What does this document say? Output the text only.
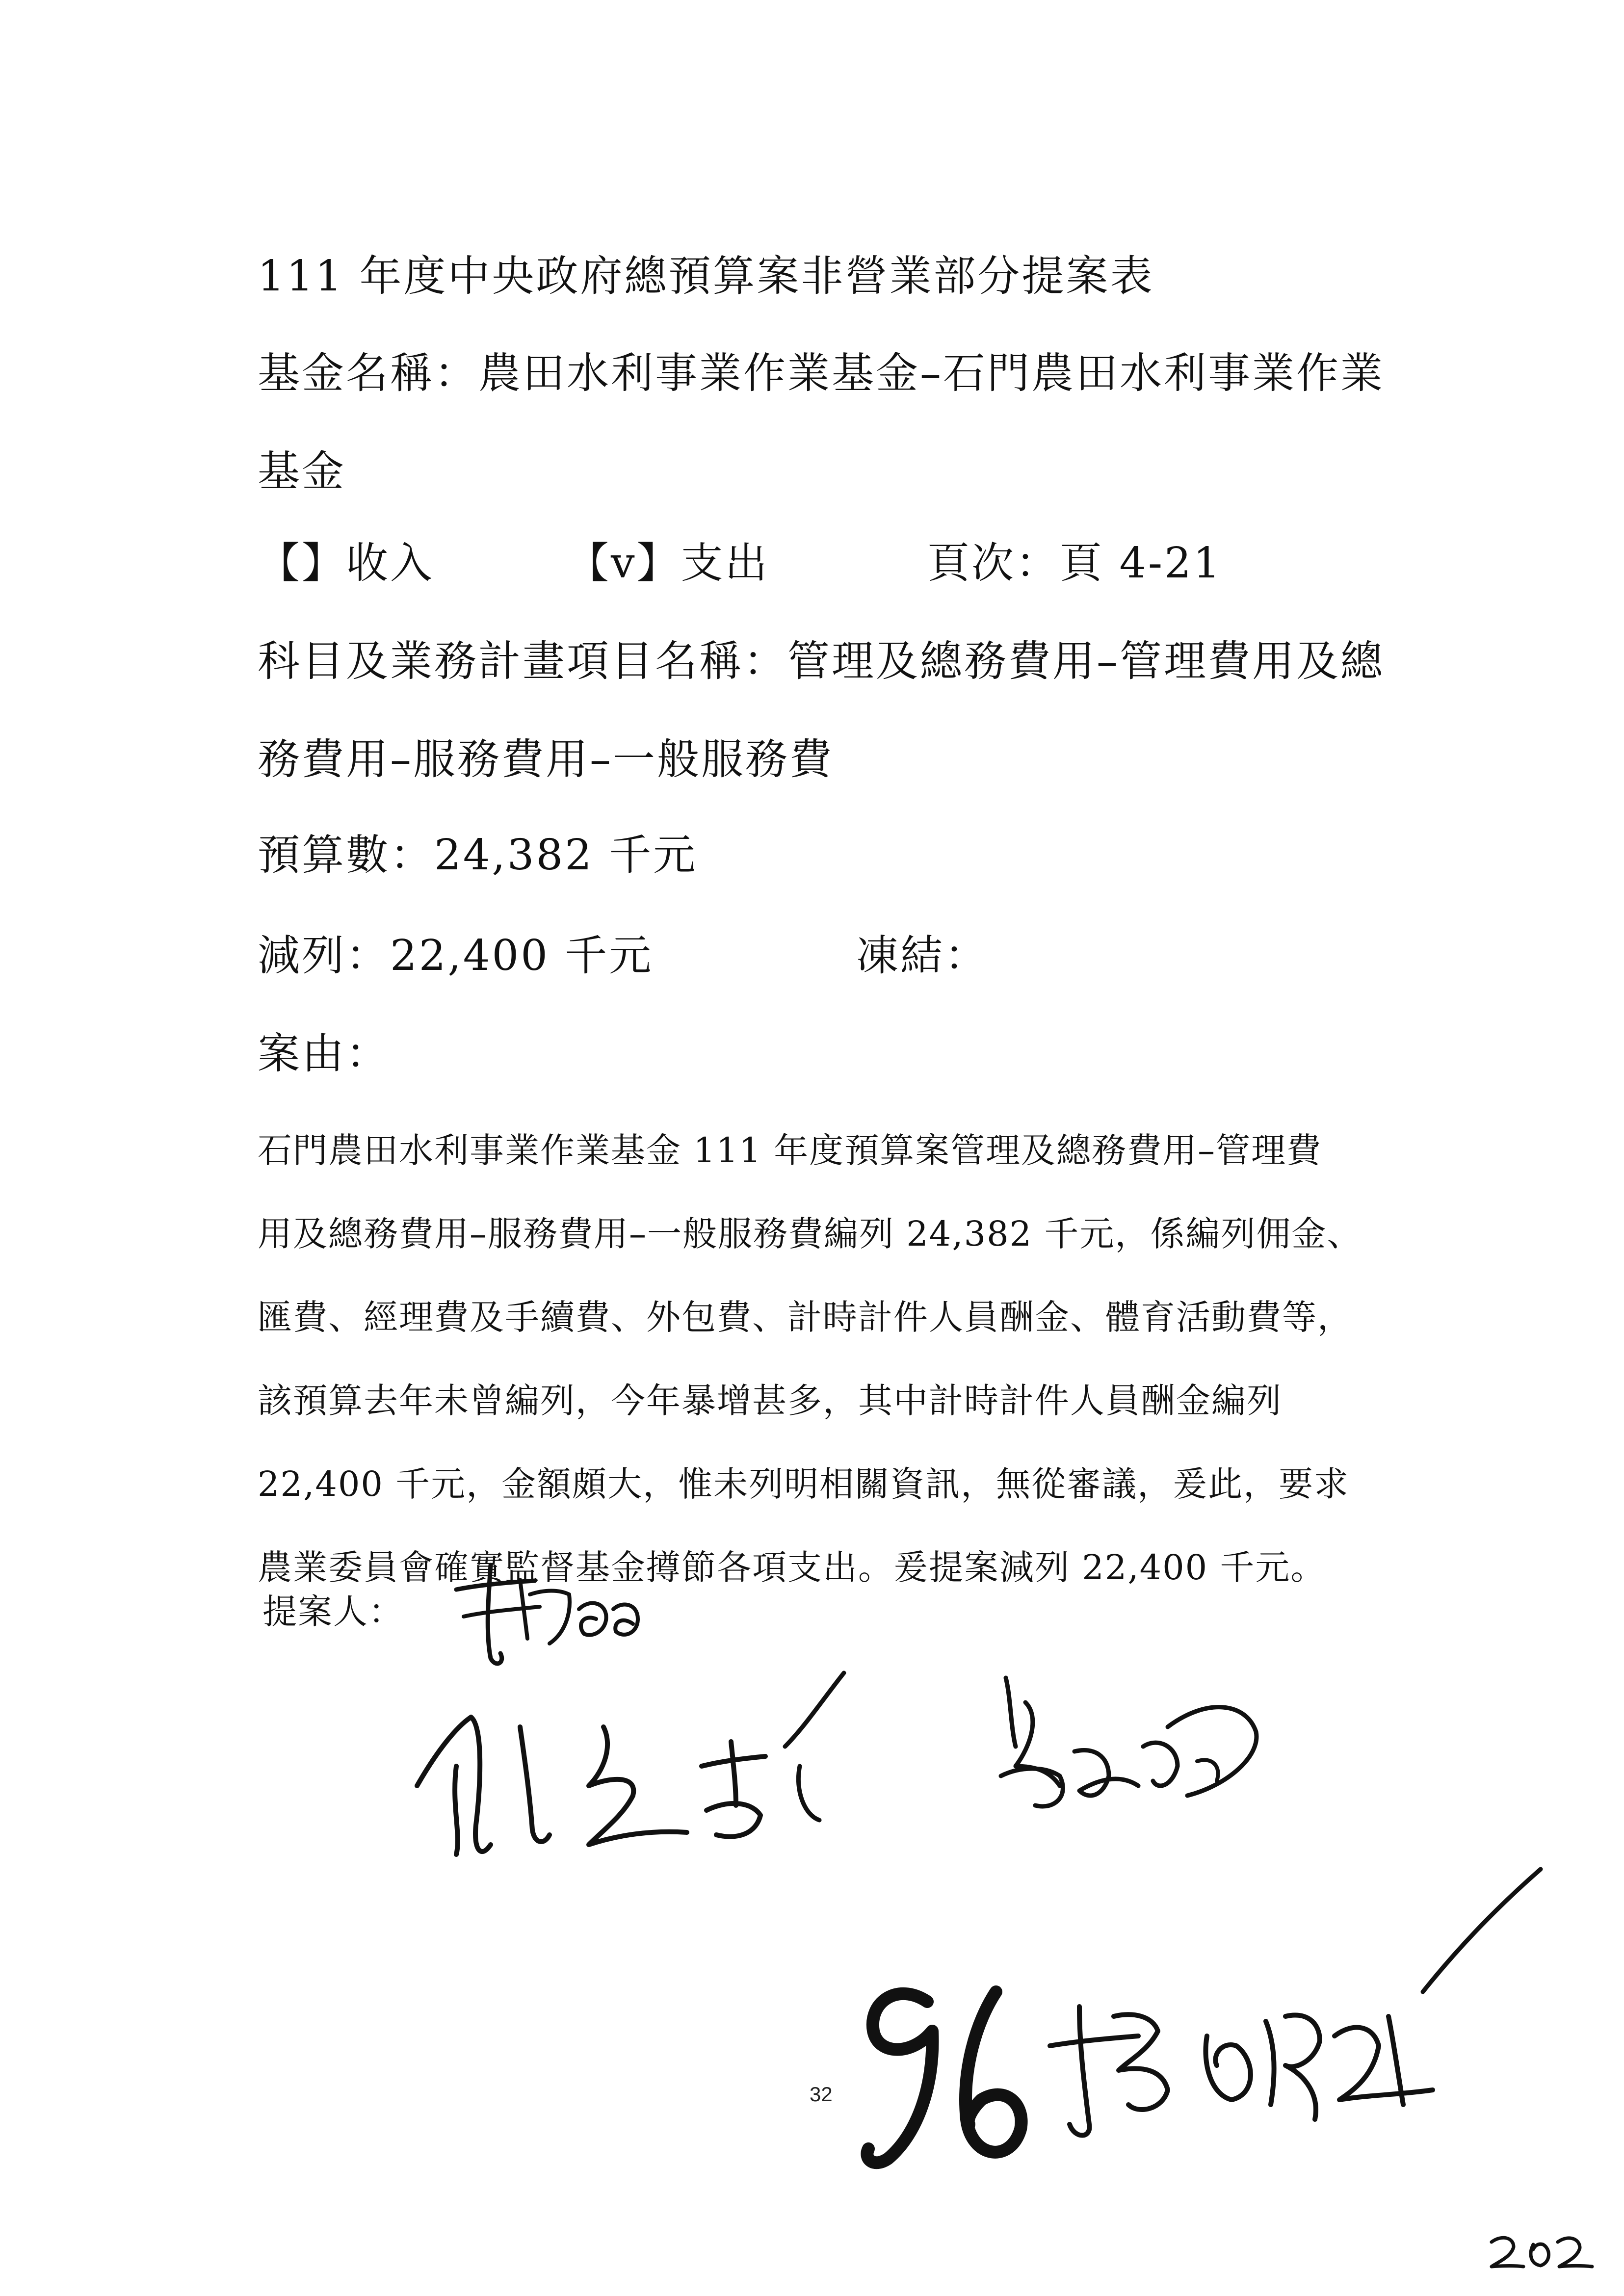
111 年度中央政府總預算案非營業部分提案表
基金名稱：農田水利事業作業基金–石門農田水利事業作業
基金
【】收入	【v】支出	頁次：頁 4-21
科目及業務計畫項目名稱：管理及總務費用–管理費用及總
務費用–服務費用–一般服務費
預算數：24,382 千元
減列：22,400 千元	凍結：
案由：
石門農田水利事業作業基金 111 年度預算案管理及總務費用–管理費
用及總務費用–服務費用–一般服務費編列 24,382 千元，係編列佣金、
匯費、經理費及手續費、外包費、計時計件人員酬金、體育活動費等，
該預算去年未曾編列，今年暴增甚多，其中計時計件人員酬金編列
22,400 千元，金額頗大，惟未列明相關資訊，無從審議，爰此，要求
農業委員會確實監督基金撙節各項支出。爰提案減列 22,400 千元。
提案人：
32
